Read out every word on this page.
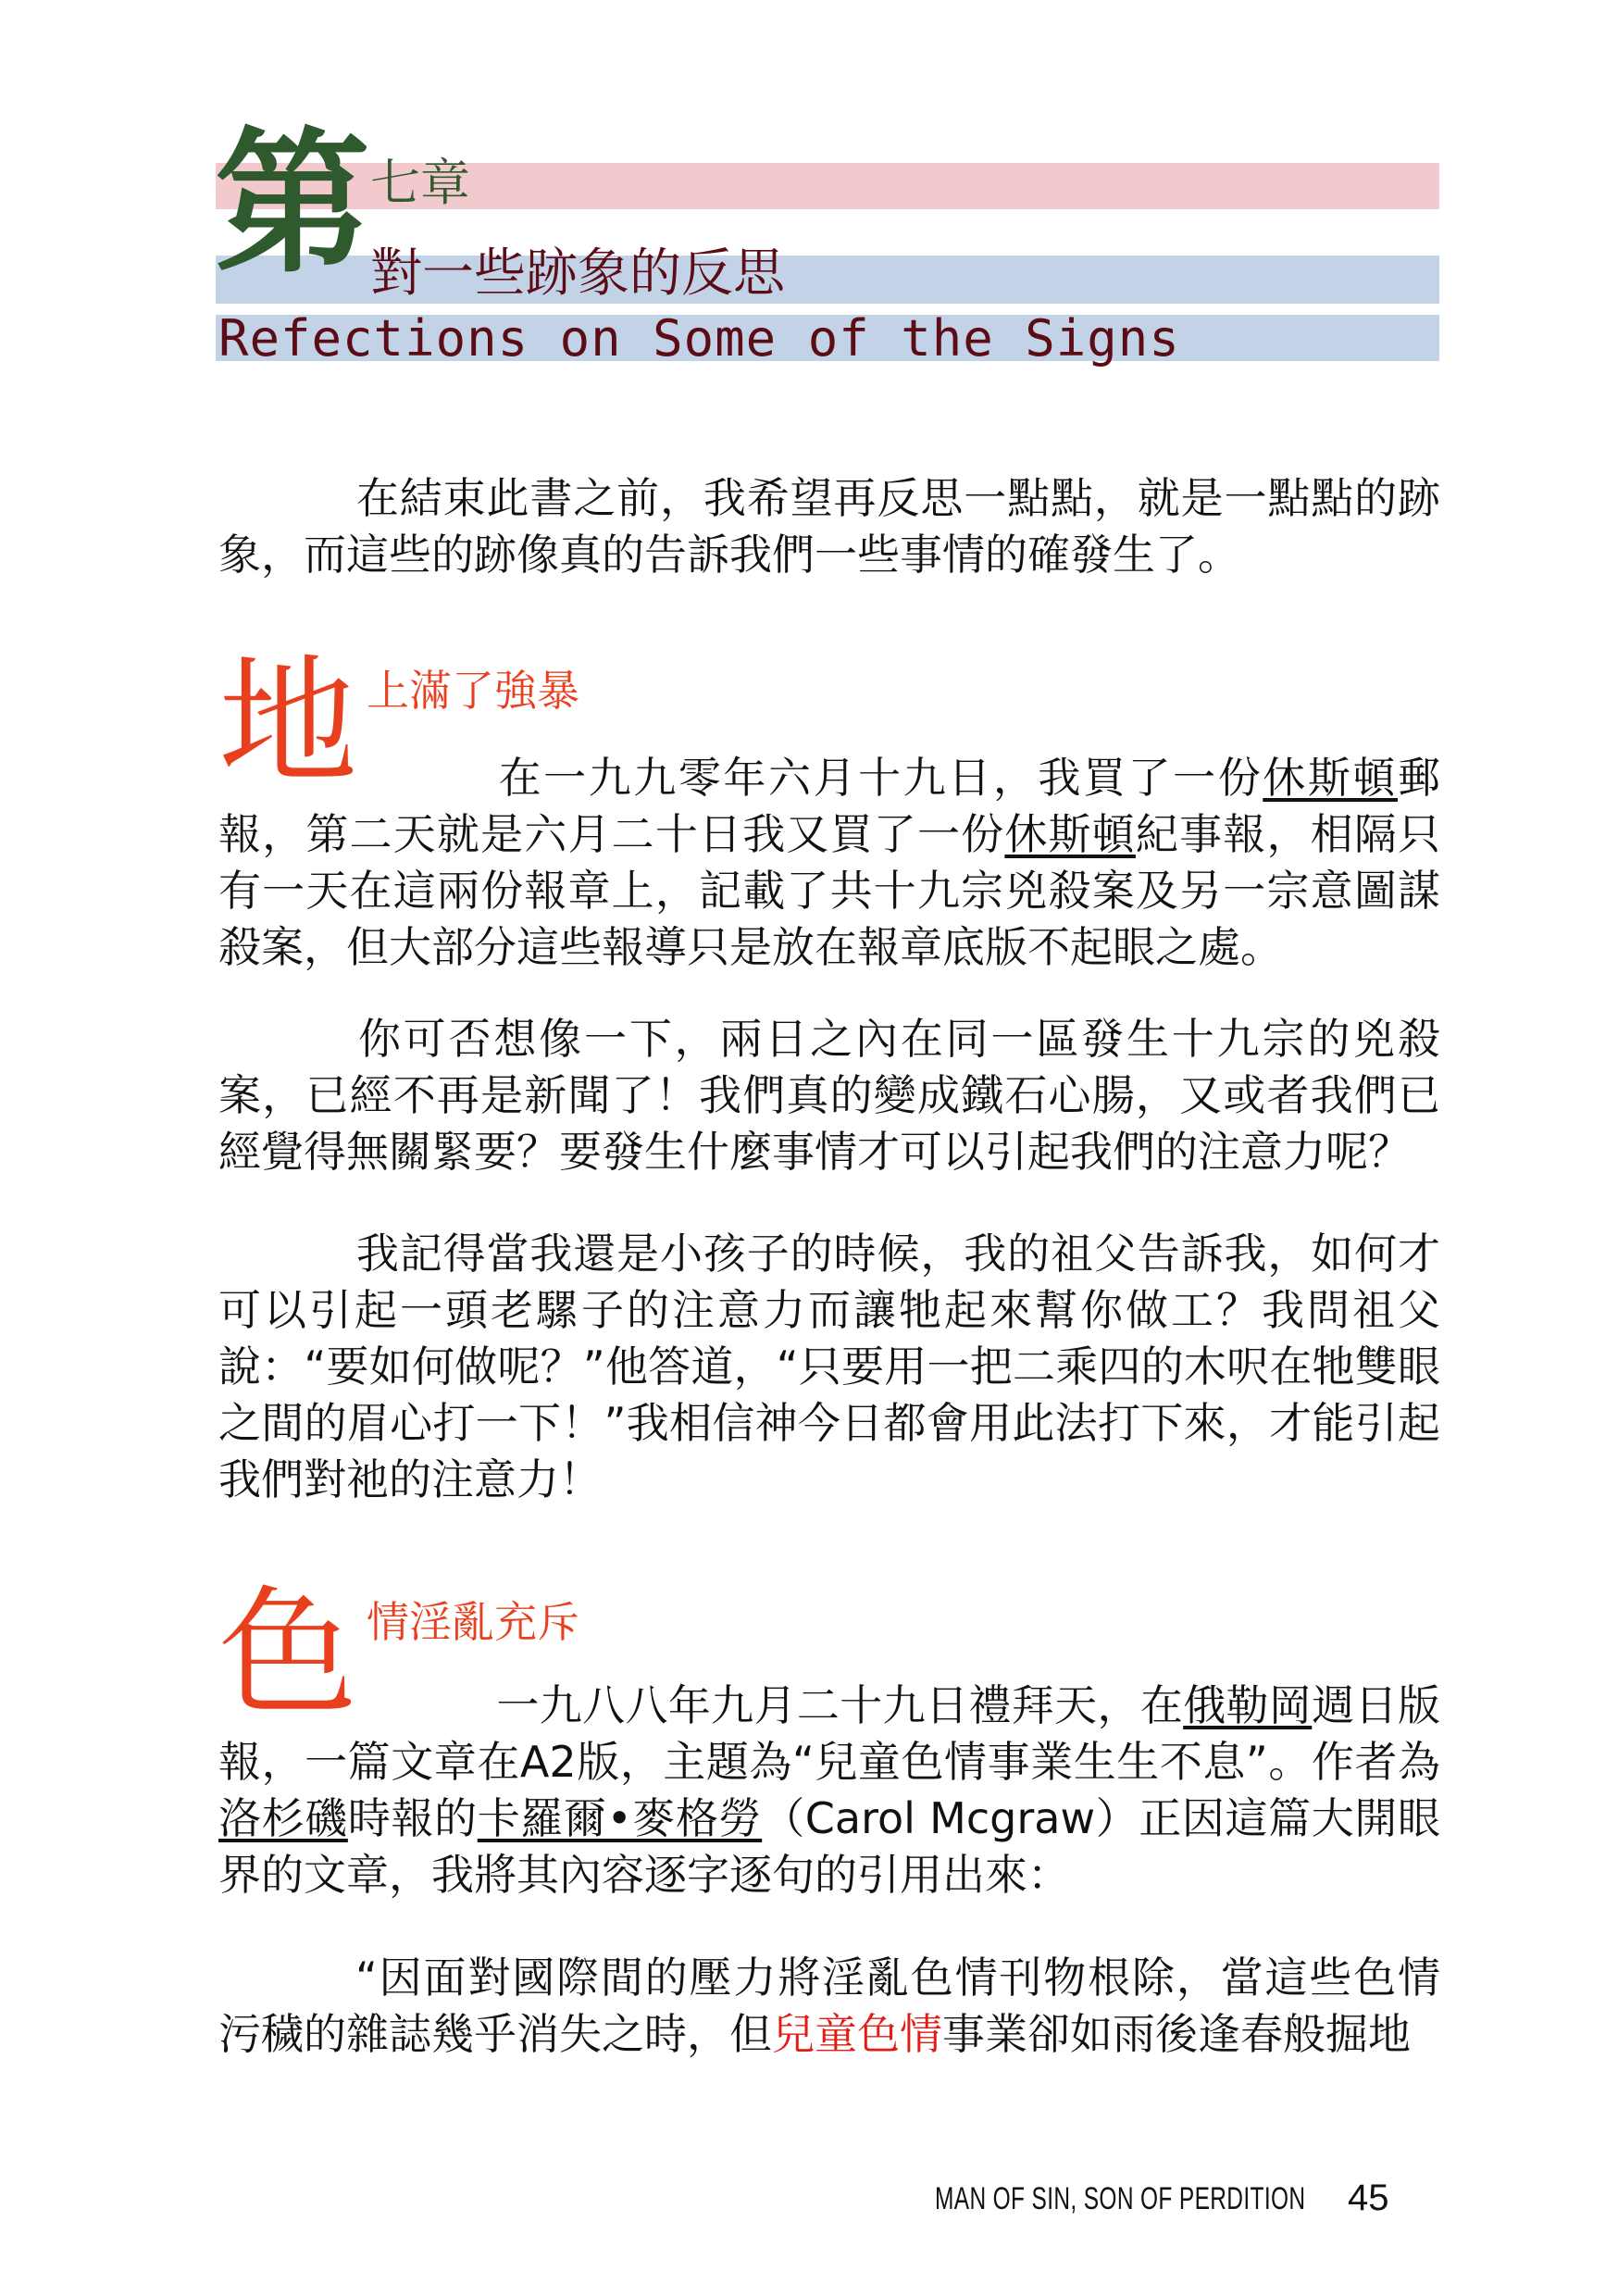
第 七章
對一些跡象的反思
Refections on Some of the Signs
在結束此書之前，我希望再反思一點點，就是一點點的跡象，而這些的跡像真的告訴我們一些事情的確發生了。
地 上滿了強暴
在一九九零年六月十九日，我買了一份休斯頓郵報，第二天就是六月二十日我又買了一份休斯頓紀事報，相隔只有一天在這兩份報章上，記載了共十九宗兇殺案及另一宗意圖謀殺案，但大部分這些報導只是放在報章底版不起眼之處。
你可否想像一下，兩日之內在同一區發生十九宗的兇殺案，已經不再是新聞了！我們真的變成鐵石心腸，又或者我們已經覺得無關緊要？要發生什麼事情才可以引起我們的注意力呢？
我記得當我還是小孩子的時候，我的祖父告訴我，如何才可以引起一頭老騾子的注意力而讓牠起來幫你做工？我問祖父說：“要如何做呢？”他答道，“只要用一把二乘四的木呎在牠雙眼之間的眉心打一下！”我相信神今日都會用此法打下來，才能引起我們對祂的注意力！
色 情淫亂充斥
一九八八年九月二十九日禮拜天，在俄勒岡週日版報，一篇文章在A2版，主題為“兒童色情事業生生不息”。作者為洛杉磯時報的卡羅爾•麥格勞（Carol Mcgraw）正因這篇大開眼界的文章，我將其內容逐字逐句的引用出來：
“因面對國際間的壓力將淫亂色情刊物根除，當這些色情污穢的雜誌幾乎消失之時，但兒童色情事業卻如雨後逢春般掘地
MAN OF SIN, SON OF PERDITION 45
